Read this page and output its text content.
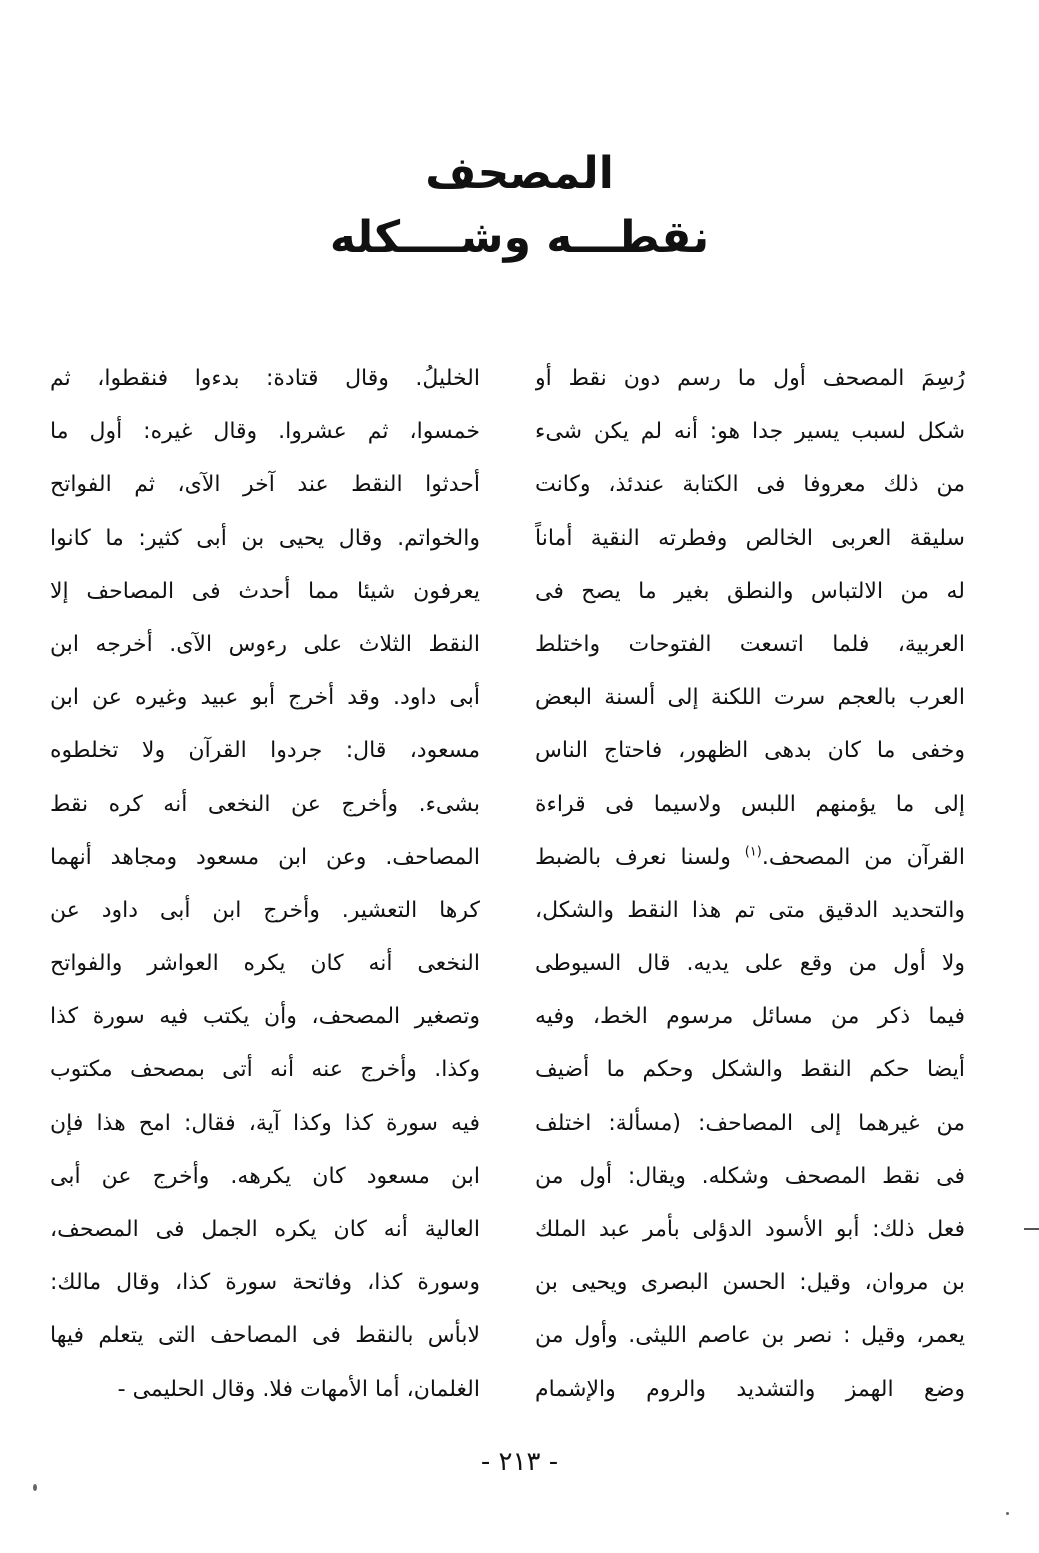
المصحف
نقطـــه وشــــكله
رُسِمَ المصحف أول ما رسم دون نقط أو
شكل لسبب يسير جدا هو: أنه لم يكن شىء
من ذلك معروفا فى الكتابة عندئذ، وكانت
سليقة العربى الخالص وفطرته النقية أماناً
له من الالتباس والنطق بغير ما يصح فى
العربية، فلما اتسعت الفتوحات واختلط
العرب بالعجم سرت اللكنة إلى ألسنة البعض
وخفى ما كان بدهى الظهور، فاحتاج الناس
إلى ما يؤمنهم اللبس ولاسيما فى قراءة
القرآن من المصحف.$^{(١)}$ ولسنا نعرف بالضبط
والتحديد الدقيق متى تم هذا النقط والشكل،
ولا أول من وقع على يديه. قال السيوطى
فيما ذكر من مسائل مرسوم الخط، وفيه
أيضا حكم النقط والشكل وحكم ما أضيف
من غيرهما إلى المصاحف: (مسألة: اختلف
فى نقط المصحف وشكله. ويقال: أول من
فعل ذلك: أبو الأسود الدؤلى بأمر عبد الملك
بن مروان، وقيل: الحسن البصرى ويحيى بن
يعمر، وقيل : نصر بن عاصم الليثى. وأول من
وضع الهمز والتشديد والروم والإشمام
الخليلُ. وقال قتادة: بدءوا فنقطوا، ثم
خمسوا، ثم عشروا. وقال غيره: أول ما
أحدثوا النقط عند آخر الآى، ثم الفواتح
والخواتم. وقال يحيى بن أبى كثير: ما كانوا
يعرفون شيئا مما أحدث فى المصاحف إلا
النقط الثلاث على رءوس الآى. أخرجه ابن
أبى داود. وقد أخرج أبو عبيد وغيره عن ابن
مسعود، قال: جردوا القرآن ولا تخلطوه
بشىء. وأخرج عن النخعى أنه كره نقط
المصاحف. وعن ابن مسعود ومجاهد أنهما
كرها التعشير. وأخرج ابن أبى داود عن
النخعى أنه كان يكره العواشر والفواتح
وتصغير المصحف، وأن يكتب فيه سورة كذا
وكذا. وأخرج عنه أنه أتى بمصحف مكتوب
فيه سورة كذا وكذا آية، فقال: امح هذا فإن
ابن مسعود كان يكرهه. وأخرج عن أبى
العالية أنه كان يكره الجمل فى المصحف،
وسورة كذا، وفاتحة سورة كذا، وقال مالك:
لابأس بالنقط فى المصاحف التى يتعلم فيها
الغلمان، أما الأمهات فلا. وقال الحليمى -
- ٢١٣ -
